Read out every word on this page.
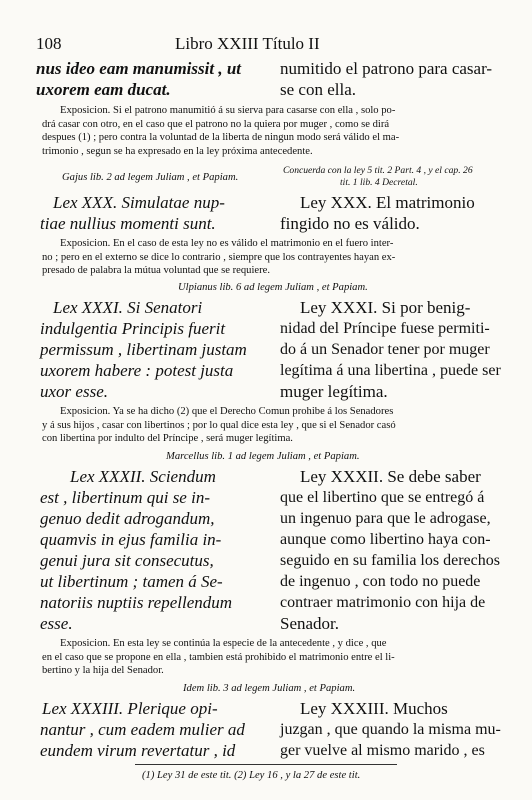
108	Libro XXIII Título II
nus ideo eam manumissit , ut
uxorem eam ducat.
numitido el patrono para casar-
se con ella.
Exposicion. Si el patrono manumitió á su sierva para casarse con ella , solo po-
drá casar con otro, en el caso que el patrono no la quiera por muger , como se dirá
despues (1) ; pero contra la voluntad de la liberta de ningun modo será válido el ma-
trimonio , segun se ha expresado en la ley próxima antecedente.
Gajus lib. 2 ad legem Juliam , et Papiam.
Concuerda con la ley 5 tit. 2 Part. 4 , y el cap. 26
tit. 1 lib. 4 Decretal.
Lex XXX. Simulatae nup-
tiae nullius momenti sunt.
Ley XXX. El matrimonio
fingido no es válido.
Exposicion. En el caso de esta ley no es válido el matrimonio en el fuero inter-
no ; pero en el externo se dice lo contrario , siempre que los contrayentes hayan ex-
presado de palabra la mútua voluntad que se requiere.
Ulpianus lib. 6 ad legem Juliam , et Papiam.
Lex XXXI. Si Senatori
indulgentia Principis fuerit
permissum , libertinam justam
uxorem habere : potest justa
uxor esse.
Ley XXXI. Si por benig-
nidad del Príncipe fuese permiti-
do á un Senador tener por muger
legítima á una libertina , puede ser
muger legítima.
Exposicion. Ya se ha dicho (2) que el Derecho Comun prohibe á los Senadores
y á sus hijos , casar con libertinos ; por lo qual dice esta ley , que si el Senador casó
con libertina por indulto del Príncipe , será muger legítima.
Marcellus lib. 1 ad legem Juliam , et Papiam.
Lex XXXII. Sciendum
est , libertinum qui se in-
genuo dedit adrogandum,
quamvis in ejus familia in-
genui jura sit consecutus,
ut libertinum ; tamen á Se-
natoriis nuptiis repellendum
esse.
Ley XXXII. Se debe saber
que el libertino que se entregó á
un ingenuo para que le adrogase,
aunque como libertino haya con-
seguido en su familia los derechos
de ingenuo , con todo no puede
contraer matrimonio con hija de
Senador.
Exposicion. En esta ley se continúa la especie de la antecedente , y dice , que
en el caso que se propone en ella , tambien está prohibido el matrimonio entre el li-
bertino y la hija del Senador.
Idem lib. 3 ad legem Juliam , et Papiam.
Lex XXXIII. Plerique opi-
nantur , cum eadem mulier ad
eundem virum revertatur , id
Ley XXXIII. Muchos
juzgan , que quando la misma mu-
ger vuelve al mismo marido , es
(1) Ley 31 de este tit. (2) Ley 16 , y la 27 de este tit.
